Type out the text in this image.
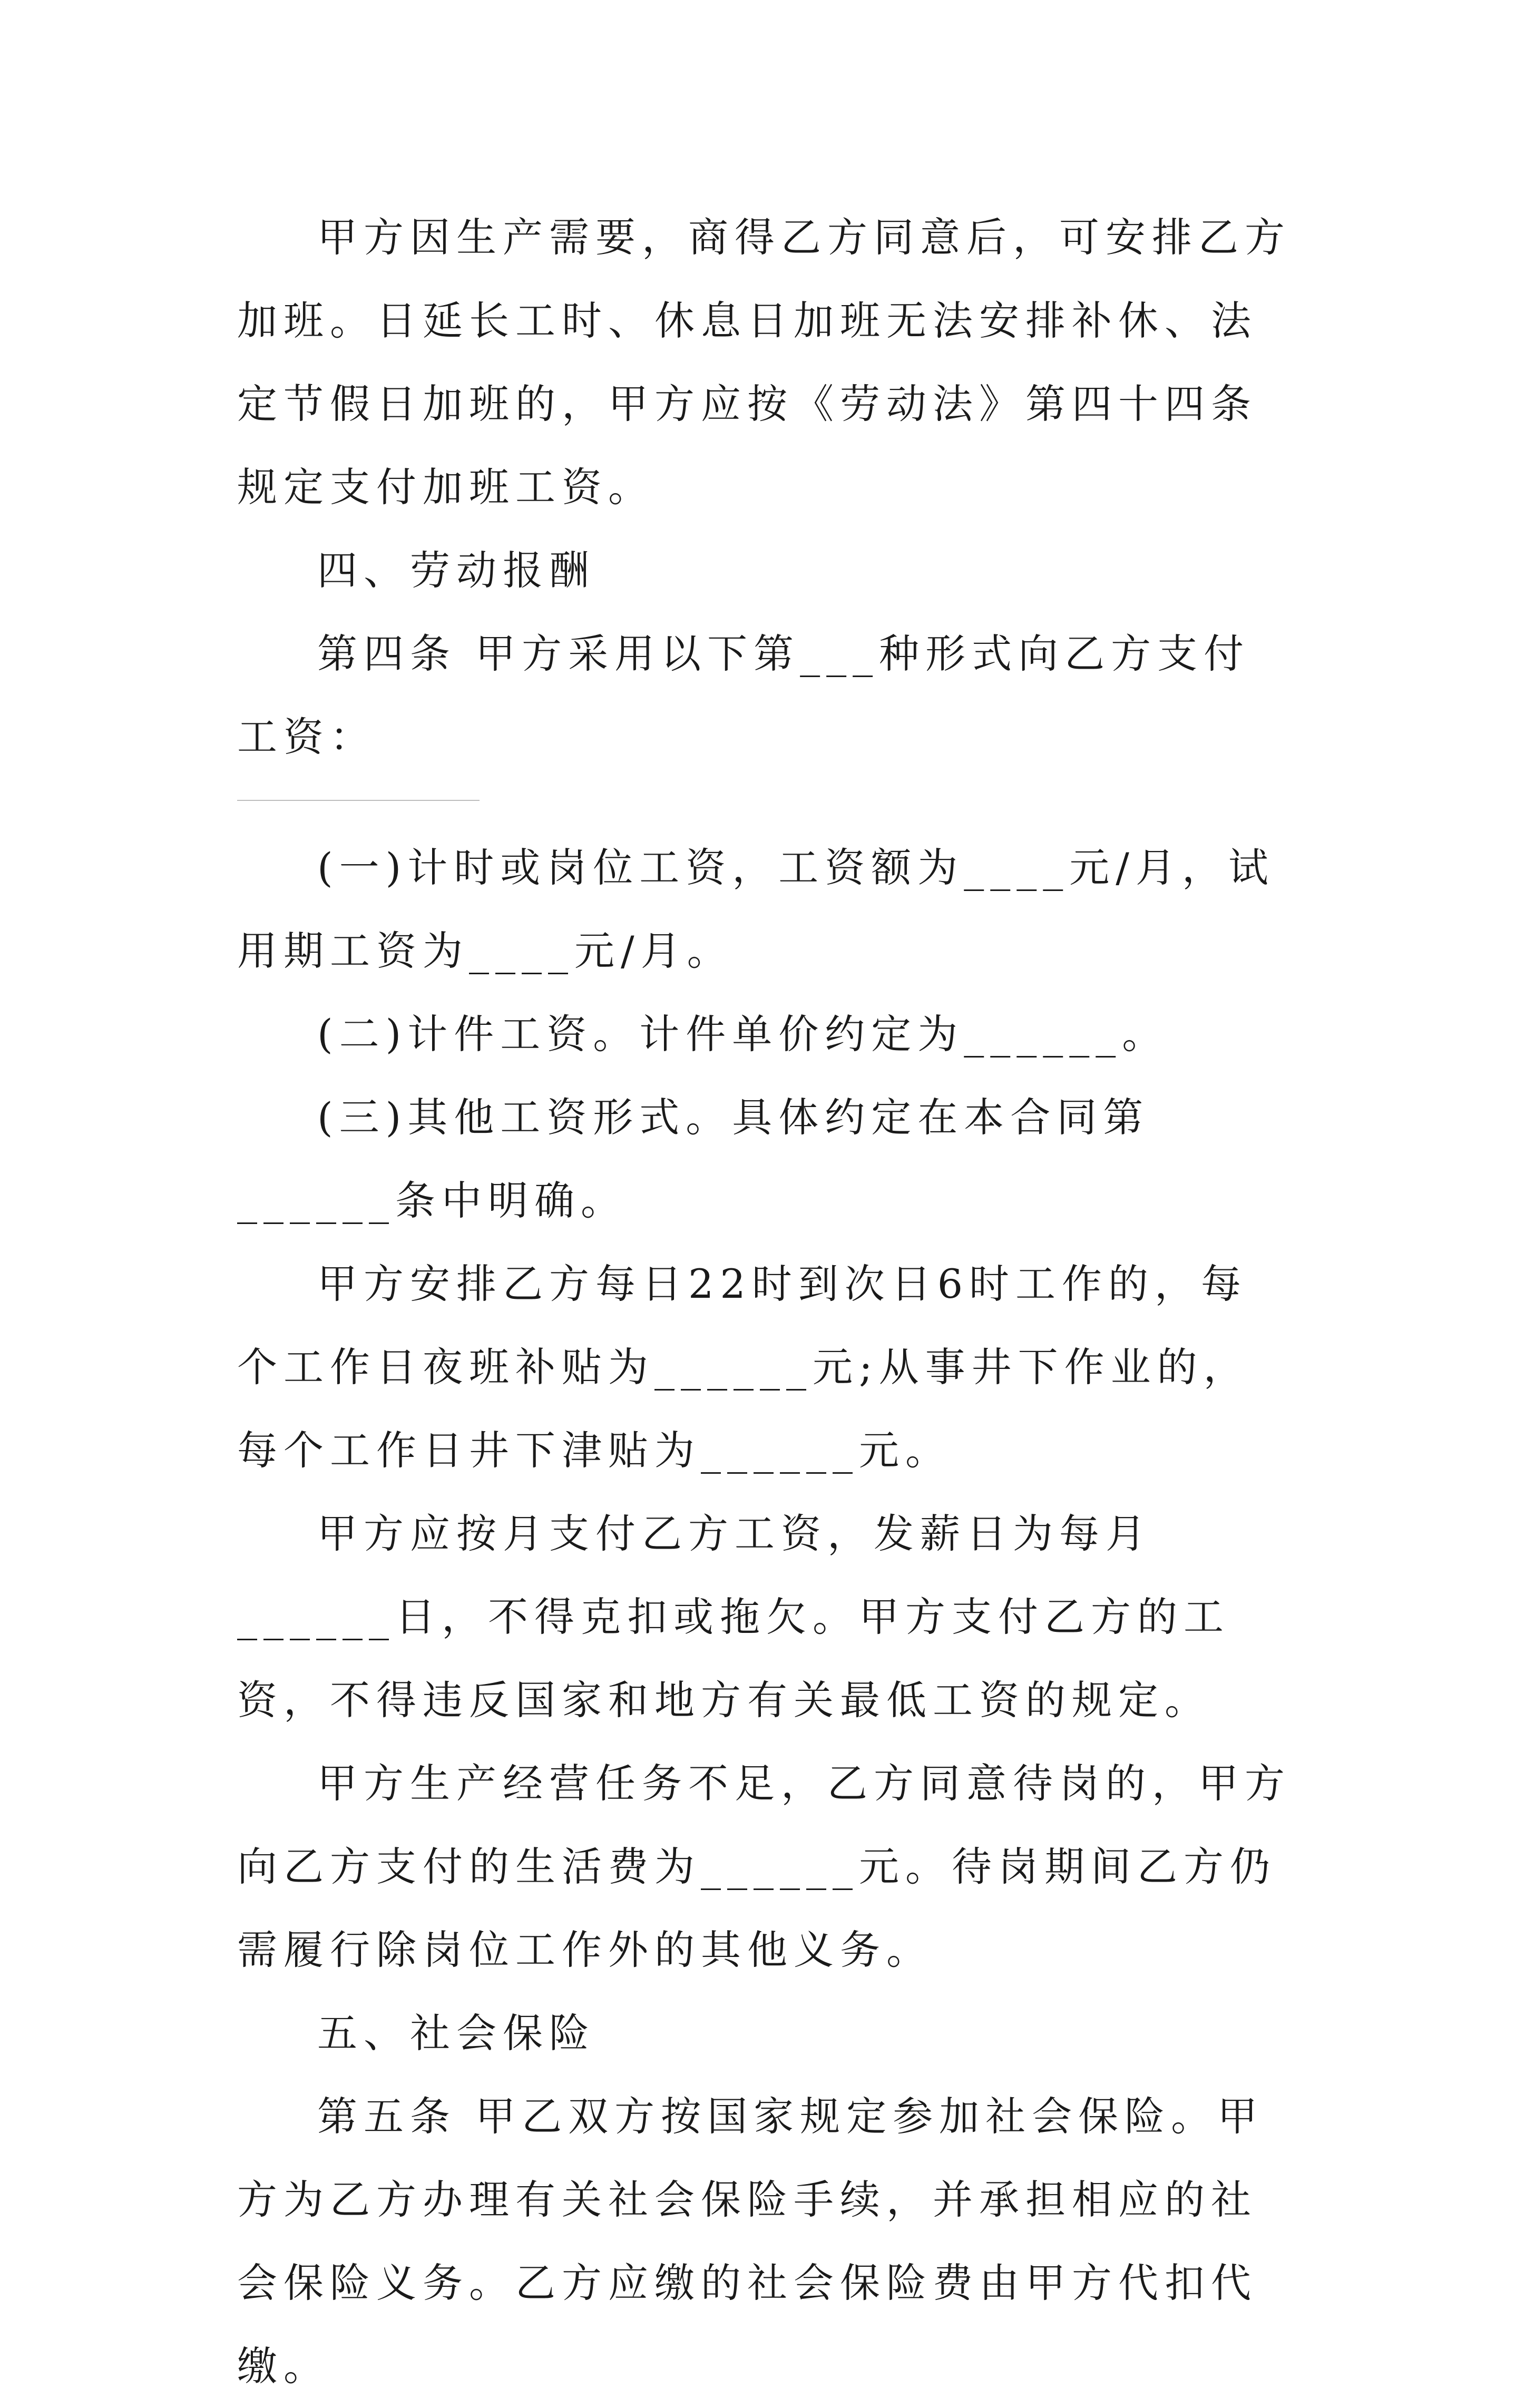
甲方因生产需要，商得乙方同意后，可安排乙方加班。日延长工时、休息日加班无法安排补休、法定节假日加班的，甲方应按《劳动法》第四十四条规定支付加班工资。

四、劳动报酬

第四条 甲方采用以下第___种形式向乙方支付工资：

(一)计时或岗位工资，工资额为____元/月，试用期工资为____元/月。

(二)计件工资。计件单价约定为______。

(三)其他工资形式。具体约定在本合同第______条中明确。

甲方安排乙方每日22时到次日6时工作的，每个工作日夜班补贴为______元;从事井下作业的，每个工作日井下津贴为______元。

甲方应按月支付乙方工资，发薪日为每月______日，不得克扣或拖欠。甲方支付乙方的工资，不得违反国家和地方有关最低工资的规定。

甲方生产经营任务不足，乙方同意待岗的，甲方向乙方支付的生活费为______元。待岗期间乙方仍需履行除岗位工作外的其他义务。

五、社会保险

第五条 甲乙双方按国家规定参加社会保险。甲方为乙方办理有关社会保险手续，并承担相应的社会保险义务。乙方应缴的社会保险费由甲方代扣代缴。
